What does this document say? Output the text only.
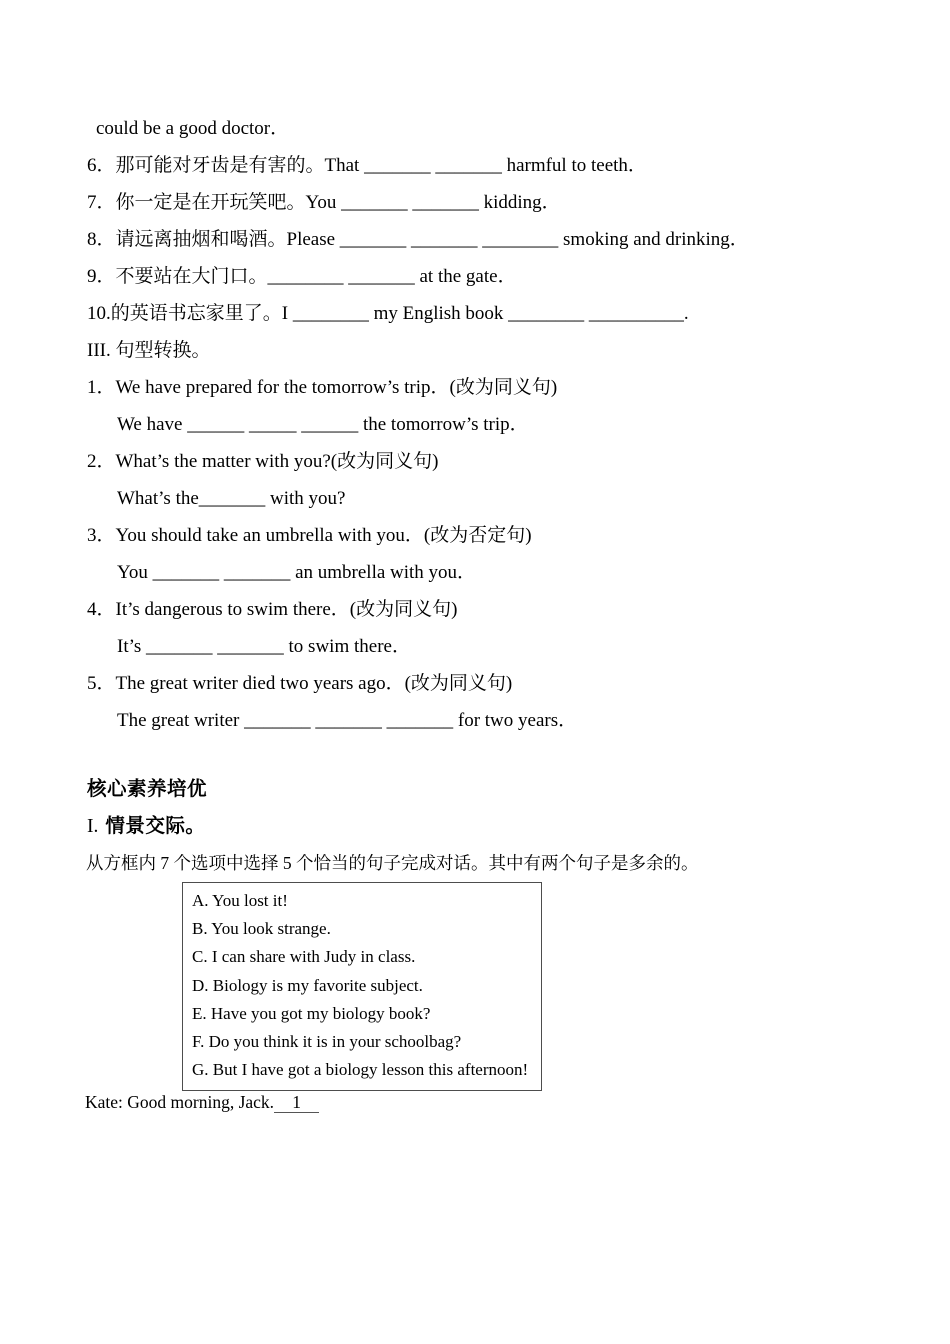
could be a good doctor．
6．那可能对牙齿是有害的。That _______ _______ harmful to teeth．
7．你一定是在开玩笑吧。You _______ _______ kidding．
8．请远离抽烟和喝酒。Please _______ _______ ________ smoking and drinking．
9．不要站在大门口。________ _______ at the gate．
10.的英语书忘家里了。I ________ my English book ________ __________.
III. 句型转换。
1．We have prepared for the tomorrow’s trip．(改为同义句)
We have ______ _____ ______ the tomorrow’s trip．
2．What’s the matter with you?(改为同义句)
What’s the_______ with you?
3．You should take an umbrella with you．(改为否定句)
You _______ _______ an umbrella with you．
4．It’s dangerous to swim there．(改为同义句)
It’s _______ _______ to swim there．
5．The great writer died two years ago．(改为同义句)
The great writer _______ _______ _______ for two years．
核心素养培优
I. 情景交际。
从方框内 7 个选项中选择 5 个恰当的句子完成对话。其中有两个句子是多余的。
A. You lost it!
B. You look strange.
C. I can share with Judy in class.
D. Biology is my favorite subject.
E. Have you got my biology book?
F. Do you think it is in your schoolbag?
G. But I have got a biology lesson this afternoon!
Kate: Good morning, Jack. 1
